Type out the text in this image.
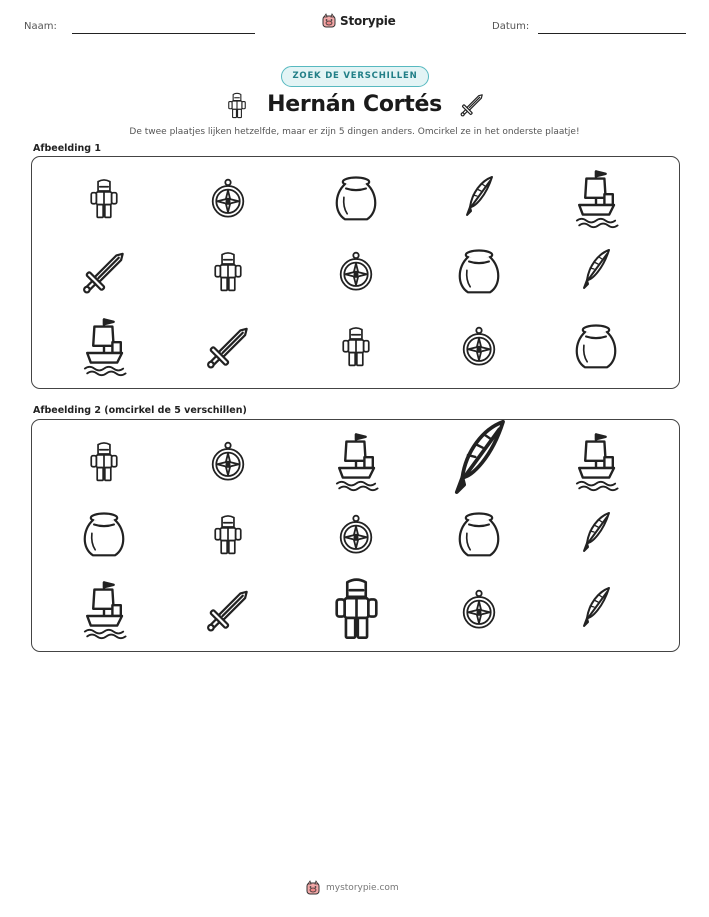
Naam:	Storypie	Datum:
ZOEK DE VERSCHILLEN
Hernán Cortés
De twee plaatjes lijken hetzelfde, maar er zijn 5 dingen anders. Omcirkel ze in het onderste plaatje!
Afbeelding 1
Afbeelding 2 (omcirkel de 5 verschillen)
mystorypie.com
